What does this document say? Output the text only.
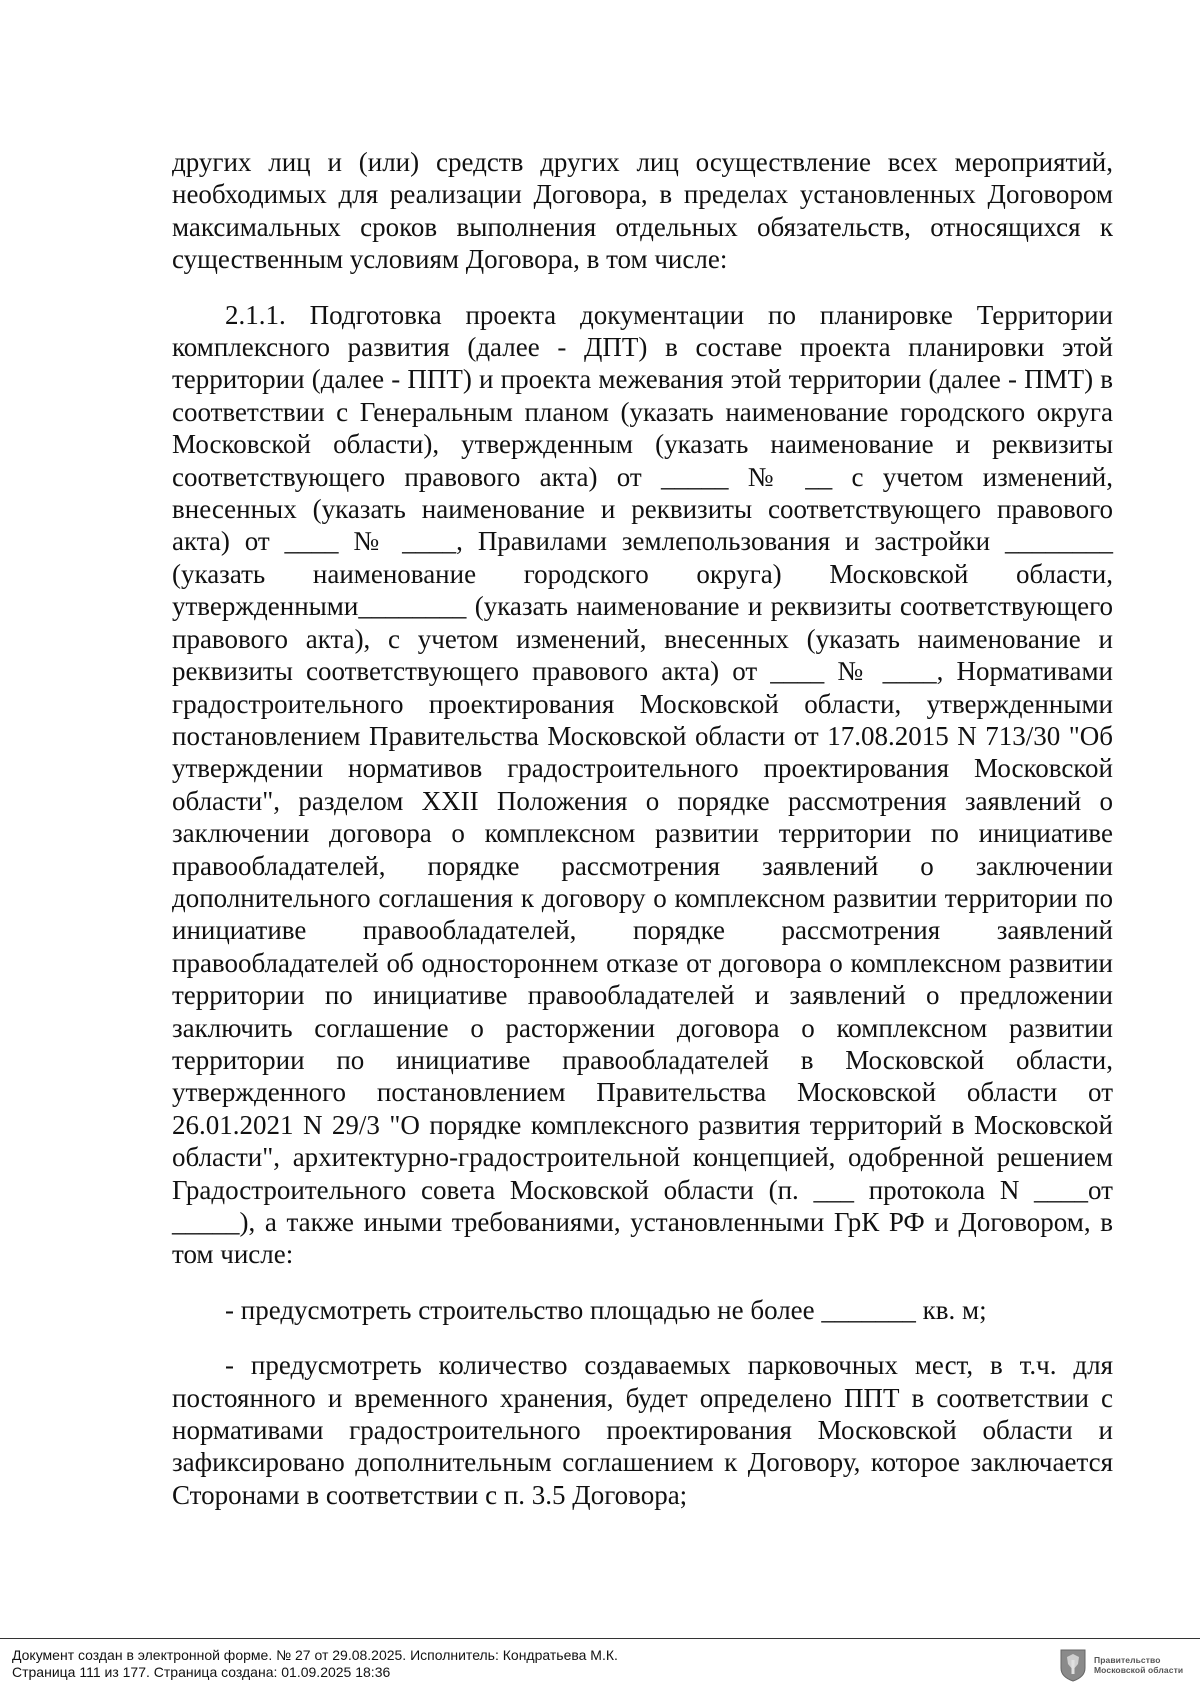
других лиц и (или) средств других лиц осуществление всех мероприятий, необходимых для реализации Договора, в пределах установленных Договором максимальных сроков выполнения отдельных обязательств, относящихся к существенным условиям Договора, в том числе:

2.1.1. Подготовка проекта документации по планировке Территории комплексного развития (далее - ДПТ) в составе проекта планировки этой территории (далее - ППТ) и проекта межевания этой территории (далее - ПМТ) в соответствии с Генеральным планом (указать наименование городского округа Московской области), утвержденным (указать наименование и реквизиты соответствующего правового акта) от _____ № __ с учетом изменений, внесенных (указать наименование и реквизиты соответствующего правового акта) от ____ № ____, Правилами землепользования и застройки ________ (указать наименование городского округа) Московской области, утвержденными________ (указать наименование и реквизиты соответствующего правового акта), с учетом изменений, внесенных (указать наименование и реквизиты соответствующего правового акта) от ____ № ____, Нормативами градостроительного проектирования Московской области, утвержденными постановлением Правительства Московской области от 17.08.2015 N 713/30 "Об утверждении нормативов градостроительного проектирования Московской области", разделом XXII Положения о порядке рассмотрения заявлений о заключении договора о комплексном развитии территории по инициативе правообладателей, порядке рассмотрения заявлений о заключении дополнительного соглашения к договору о комплексном развитии территории по инициативе правообладателей, порядке рассмотрения заявлений правообладателей об одностороннем отказе от договора о комплексном развитии территории по инициативе правообладателей и заявлений о предложении заключить соглашение о расторжении договора о комплексном развитии территории по инициативе правообладателей в Московской области, утвержденного постановлением Правительства Московской области от 26.01.2021 N 29/3 "О порядке комплексного развития территорий в Московской области", архитектурно-градостроительной концепцией, одобренной решением Градостроительного совета Московской области (п. ___ протокола N ____от _____), а также иными требованиями, установленными ГрК РФ и Договором, в том числе:

- предусмотреть строительство площадью не более _______ кв. м;

- предусмотреть количество создаваемых парковочных мест, в т.ч. для постоянного и временного хранения, будет определено ППТ в соответствии с нормативами градостроительного проектирования Московской области и зафиксировано дополнительным соглашением к Договору, которое заключается Сторонами в соответствии с п. 3.5 Договора;

Документ создан в электронной форме. № 27 от 29.08.2025. Исполнитель: Кондратьева М.К.
Страница 111 из 177. Страница создана: 01.09.2025 18:36
Правительство
Московской области
